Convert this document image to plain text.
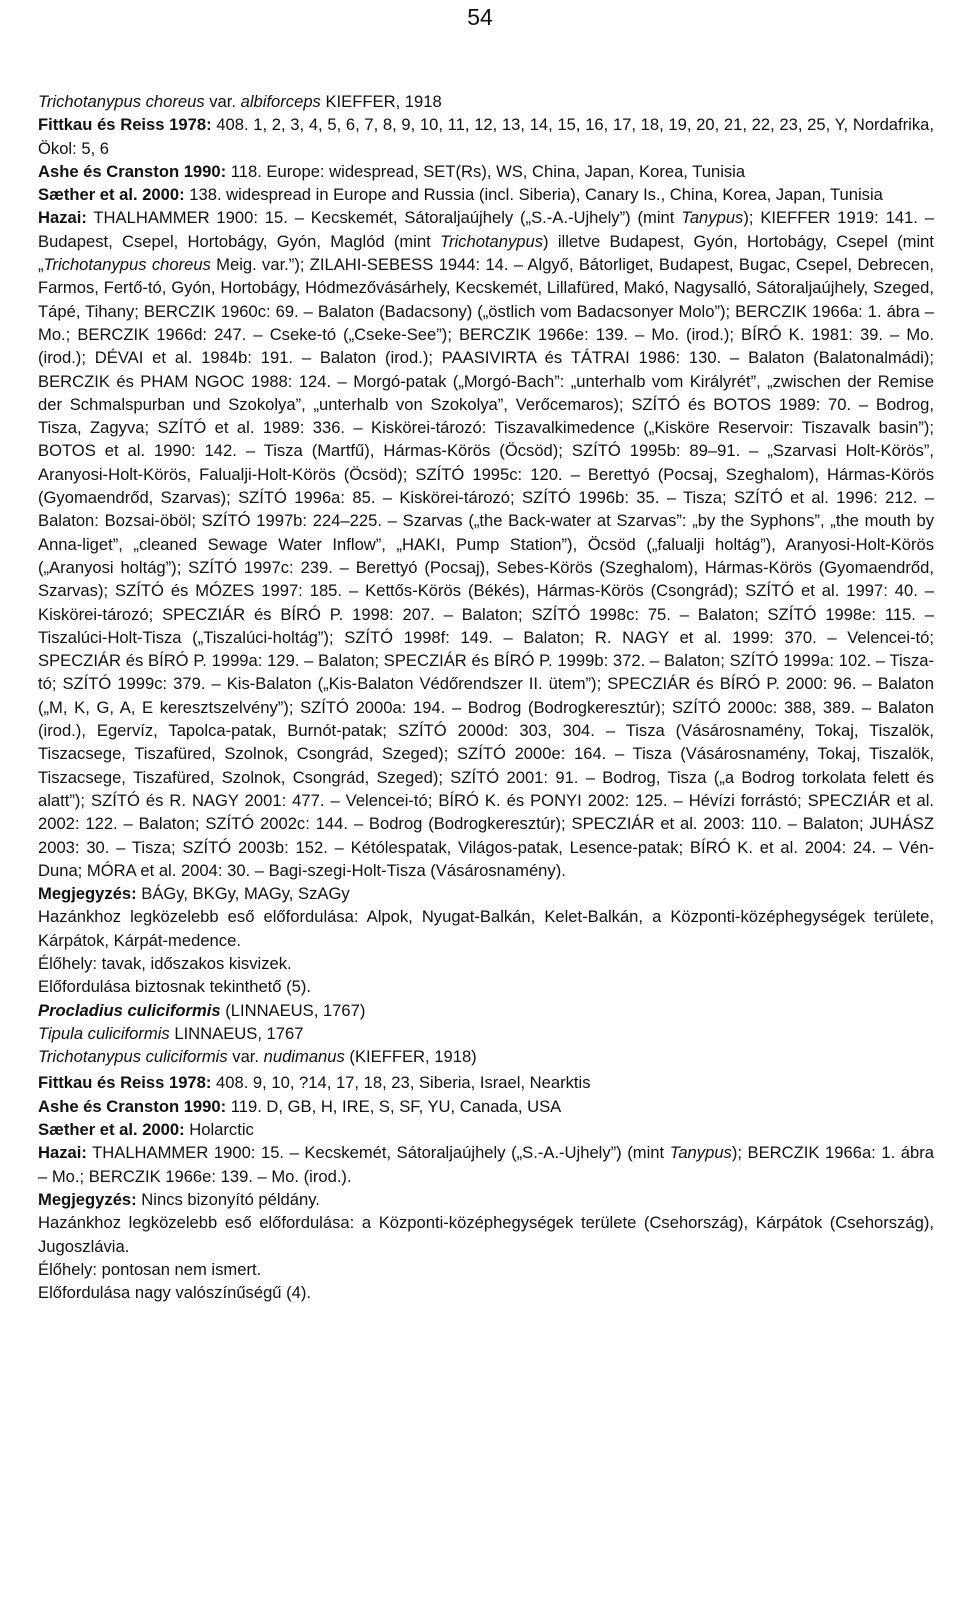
54

Trichotanypus choreus var. albiforceps KIEFFER, 1918

Fittkau és Reiss 1978: 408. 1, 2, 3, 4, 5, 6, 7, 8, 9, 10, 11, 12, 13, 14, 15, 16, 17, 18, 19, 20, 21, 22, 23, 25, Y, Nordafrika, Ökol: 5, 6

Ashe és Cranston 1990: 118. Europe: widespread, SET(Rs), WS, China, Japan, Korea, Tunisia

Sæther et al. 2000: 138. widespread in Europe and Russia (incl. Siberia), Canary Is., China, Korea, Japan, Tunisia

Hazai: THALHAMMER 1900: 15. – Kecskemét, Sátoraljaújhely („S.-A.-Ujhely”) (mint Tanypus); KIEFFER 1919: 141. – Budapest, Csepel, Hortobágy, Gyón, Maglód (mint Trichotanypus) illetve Budapest, Gyón, Hortobágy, Csepel (mint „Trichotanypus choreus Meig. var.”); ZILAHI-SEBESS 1944: 14. – Algyő, Bátorliget, Budapest, Bugac, Csepel, Debrecen, Farmos, Fertő-tó, Gyón, Hortobágy, Hódmezővásárhely, Kecskemét, Lillafüred, Makó, Nagysalló, Sátoraljaújhely, Szeged, Tápé, Tihany; BERCZIK 1960c: 69. – Balaton (Badacsony) („östlich vom Badacsonyer Molo”); BERCZIK 1966a: 1. ábra – Mo.; BERCZIK 1966d: 247. – Cseke-tó („Cseke-See”); BERCZIK 1966e: 139. – Mo. (irod.); BÍRÓ K. 1981: 39. – Mo. (irod.); DÉVAI et al. 1984b: 191. – Balaton (irod.); PAASIVIRTA és TÁTRAI 1986: 130. – Balaton (Balatonalmádi); BERCZIK és PHAM NGOC 1988: 124. – Morgó-patak („Morgó-Bach”: „unterhalb vom Királyrét”, „zwischen der Remise der Schmalspurban und Szokolya”, „unterhalb von Szokolya”, Verőcemaros); SZÍTÓ és BOTOS 1989: 70. – Bodrog, Tisza, Zagyva; SZÍTÓ et al. 1989: 336. – Kiskörei-tározó: Tiszavalkimedence („Kisköre Reservoir: Tiszavalk basin”); BOTOS et al. 1990: 142. – Tisza (Martfű), Hármas-Körös (Öcsöd); SZÍTÓ 1995b: 89–91. – „Szarvasi Holt-Körös”, Aranyosi-Holt-Körös, Falualji-Holt-Körös (Öcsöd); SZÍTÓ 1995c: 120. – Berettyó (Pocsaj, Szeghalom), Hármas-Körös (Gyomaendrőd, Szarvas); SZÍTÓ 1996a: 85. – Kiskörei-tározó; SZÍTÓ 1996b: 35. – Tisza; SZÍTÓ et al. 1996: 212. – Balaton: Bozsai-öböl; SZÍTÓ 1997b: 224–225. – Szarvas („the Back-water at Szarvas”: „by the Syphons”, „the mouth by Anna-liget”, „cleaned Sewage Water Inflow”, „HAKI, Pump Station”), Öcsöd („falualji holtág”), Aranyosi-Holt-Körös („Aranyosi holtág”); SZÍTÓ 1997c: 239. – Berettyó (Pocsaj), Sebes-Körös (Szeghalom), Hármas-Körös (Gyomaendrőd, Szarvas); SZÍTÓ és MÓZES 1997: 185. – Kettős-Körös (Békés), Hármas-Körös (Csongrád); SZÍTÓ et al. 1997: 40. – Kiskörei-tározó; SPECZIÁR és BÍRÓ P. 1998: 207. – Balaton; SZÍTÓ 1998c: 75. – Balaton; SZÍTÓ 1998e: 115. – Tiszalúci-Holt-Tisza („Tiszalúci-holtág”); SZÍTÓ 1998f: 149. – Balaton; R. NAGY et al. 1999: 370. – Velencei-tó; SPECZIÁR és BÍRÓ P. 1999a: 129. – Balaton; SPECZIÁR és BÍRÓ P. 1999b: 372. – Balaton; SZÍTÓ 1999a: 102. – Tisza-tó; SZÍTÓ 1999c: 379. – Kis-Balaton („Kis-Balaton Védőrendszer II. ütem”); SPECZIÁR és BÍRÓ P. 2000: 96. – Balaton („M, K, G, A, E keresztszelvény”); SZÍTÓ 2000a: 194. – Bodrog (Bodrogkeresztúr); SZÍTÓ 2000c: 388, 389. – Balaton (irod.), Egervíz, Tapolca-patak, Burnót-patak; SZÍTÓ 2000d: 303, 304. – Tisza (Vásárosnamény, Tokaj, Tiszalök, Tiszacsege, Tiszafüred, Szolnok, Csongrád, Szeged); SZÍTÓ 2000e: 164. – Tisza (Vásárosnamény, Tokaj, Tiszalök, Tiszacsege, Tiszafüred, Szolnok, Csongrád, Szeged); SZÍTÓ 2001: 91. – Bodrog, Tisza („a Bodrog torkolata felett és alatt”); SZÍTÓ és R. NAGY 2001: 477. – Velencei-tó; BÍRÓ K. és PONYI 2002: 125. – Hévízi forrástó; SPECZIÁR et al. 2002: 122. – Balaton; SZÍTÓ 2002c: 144. – Bodrog (Bodrogkeresztúr); SPECZIÁR et al. 2003: 110. – Balaton; JUHÁSZ 2003: 30. – Tisza; SZÍTÓ 2003b: 152. – Kétólespatak, Világos-patak, Lesence-patak; BÍRÓ K. et al. 2004: 24. – Vén-Duna; MÓRA et al. 2004: 30. – Bagi-szegi-Holt-Tisza (Vásárosnamény).

Megjegyzés: BÁGy, BKGy, MAGy, SzAGy

Hazánkhoz legközelebb eső előfordulása: Alpok, Nyugat-Balkán, Kelet-Balkán, a Központi-középhegységek területe, Kárpátok, Kárpát-medence.

Élőhely: tavak, időszakos kisvizek.

Előfordulása biztosnak tekinthető (5).

Procladius culiciformis (LINNAEUS, 1767)

Tipula culiciformis LINNAEUS, 1767

Trichotanypus culiciformis var. nudimanus (KIEFFER, 1918)

Fittkau és Reiss 1978: 408. 9, 10, ?14, 17, 18, 23, Siberia, Israel, Nearktis

Ashe és Cranston 1990: 119. D, GB, H, IRE, S, SF, YU, Canada, USA

Sæther et al. 2000: Holarctic

Hazai: THALHAMMER 1900: 15. – Kecskemét, Sátoraljaújhely („S.-A.-Ujhely”) (mint Tanypus); BERCZIK 1966a: 1. ábra – Mo.; BERCZIK 1966e: 139. – Mo. (irod.).

Megjegyzés: Nincs bizonyító példány.

Hazánkhoz legközelebb eső előfordulása: a Központi-középhegységek területe (Csehország), Kárpátok (Csehország), Jugoszlávia.

Élőhely: pontosan nem ismert.

Előfordulása nagy valószínűségű (4).
